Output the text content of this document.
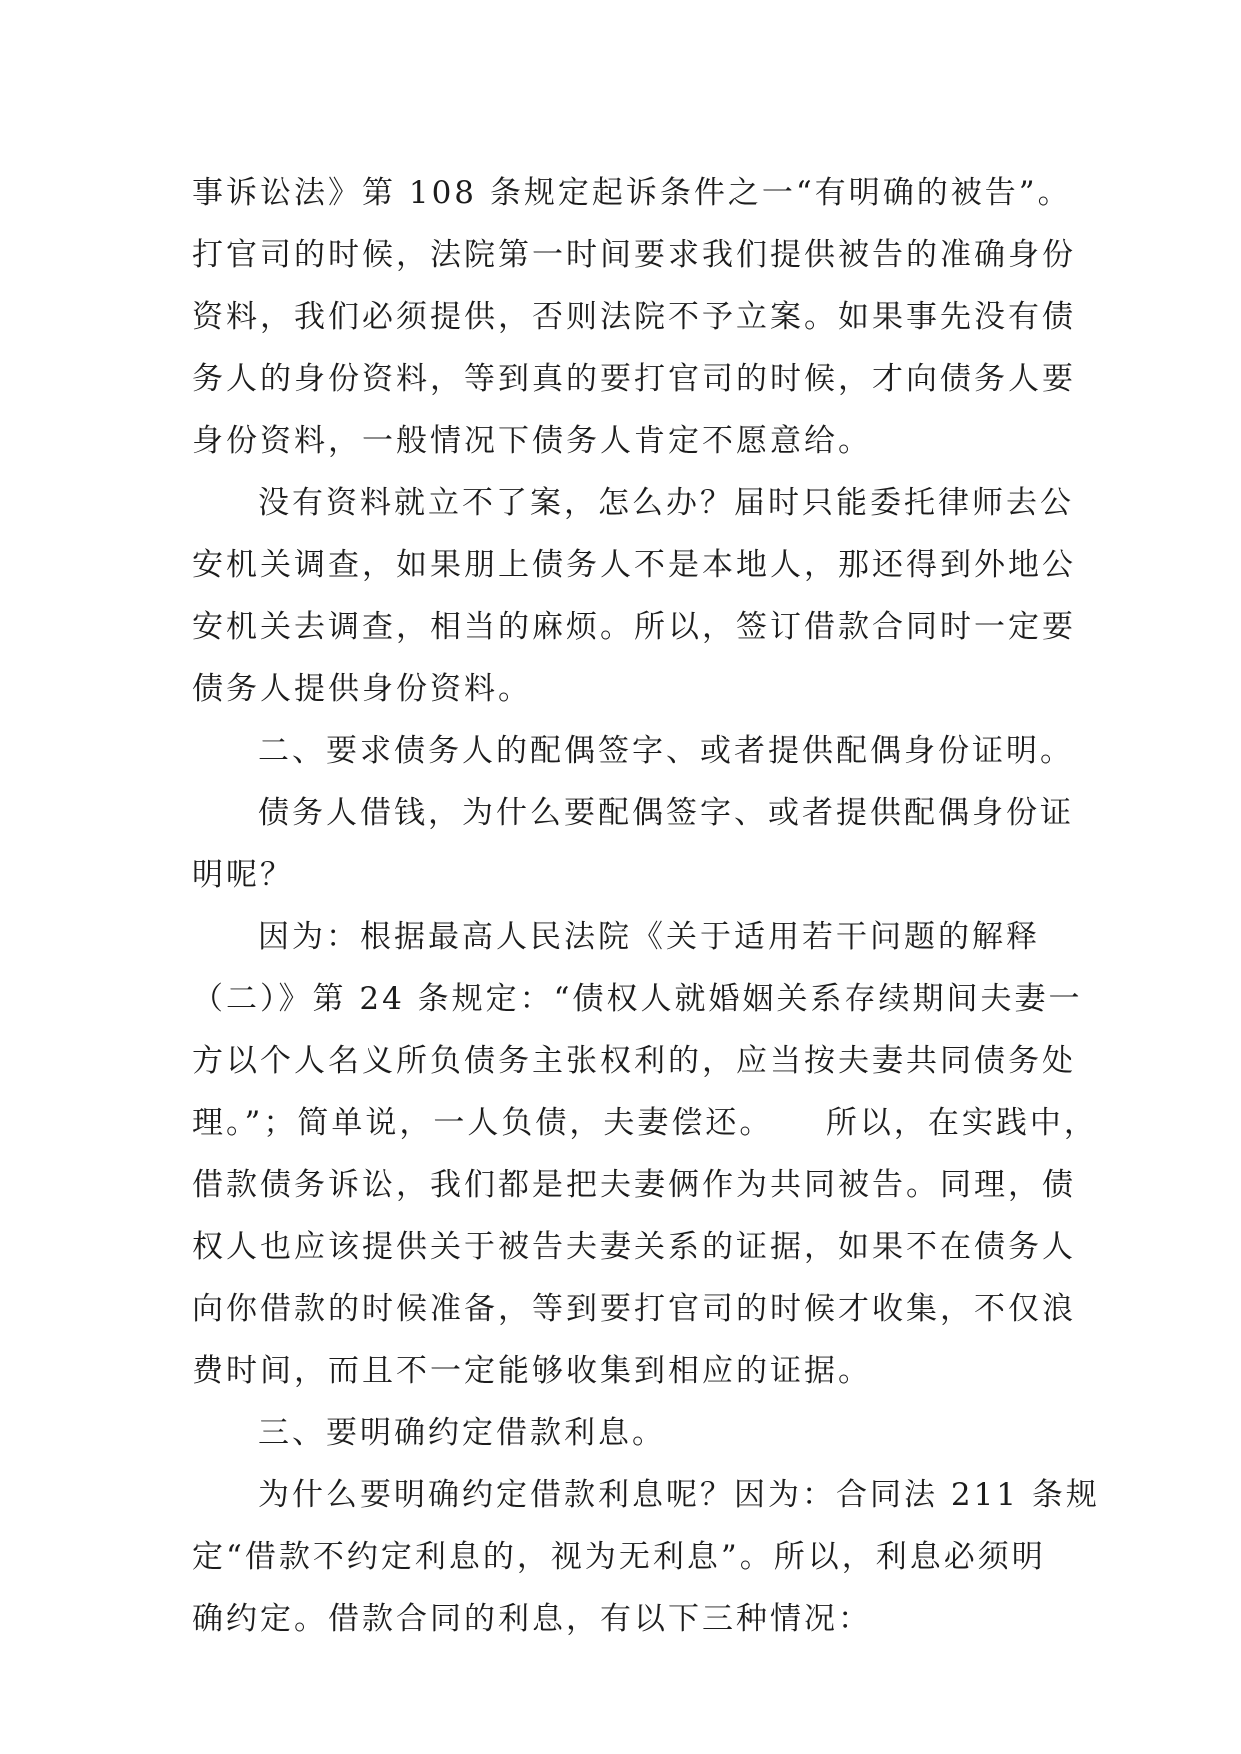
事诉讼法》第 108 条规定起诉条件之一“有明确的被告”。
打官司的时候，法院第一时间要求我们提供被告的准确身份
资料，我们必须提供，否则法院不予立案。如果事先没有债
务人的身份资料，等到真的要打官司的时候，才向债务人要
身份资料，一般情况下债务人肯定不愿意给。
没有资料就立不了案，怎么办？届时只能委托律师去公
安机关调查，如果朋上债务人不是本地人，那还得到外地公
安机关去调查，相当的麻烦。所以，签订借款合同时一定要
债务人提供身份资料。
二、要求债务人的配偶签字、或者提供配偶身份证明。
债务人借钱，为什么要配偶签字、或者提供配偶身份证
明呢？
因为：根据最高人民法院《关于适用若干问题的解释
（二）》第 24 条规定：“债权人就婚姻关系存续期间夫妻一
方以个人名义所负债务主张权利的，应当按夫妻共同债务处
理。”；简单说，一人负债，夫妻偿还。　　所以，在实践中，
借款债务诉讼，我们都是把夫妻俩作为共同被告。同理，债
权人也应该提供关于被告夫妻关系的证据，如果不在债务人
向你借款的时候准备，等到要打官司的时候才收集，不仅浪
费时间，而且不一定能够收集到相应的证据。
三、要明确约定借款利息。
为什么要明确约定借款利息呢？因为：合同法 211 条规
定“借款不约定利息的，视为无利息”。所以，利息必须明
确约定。借款合同的利息，有以下三种情况：
